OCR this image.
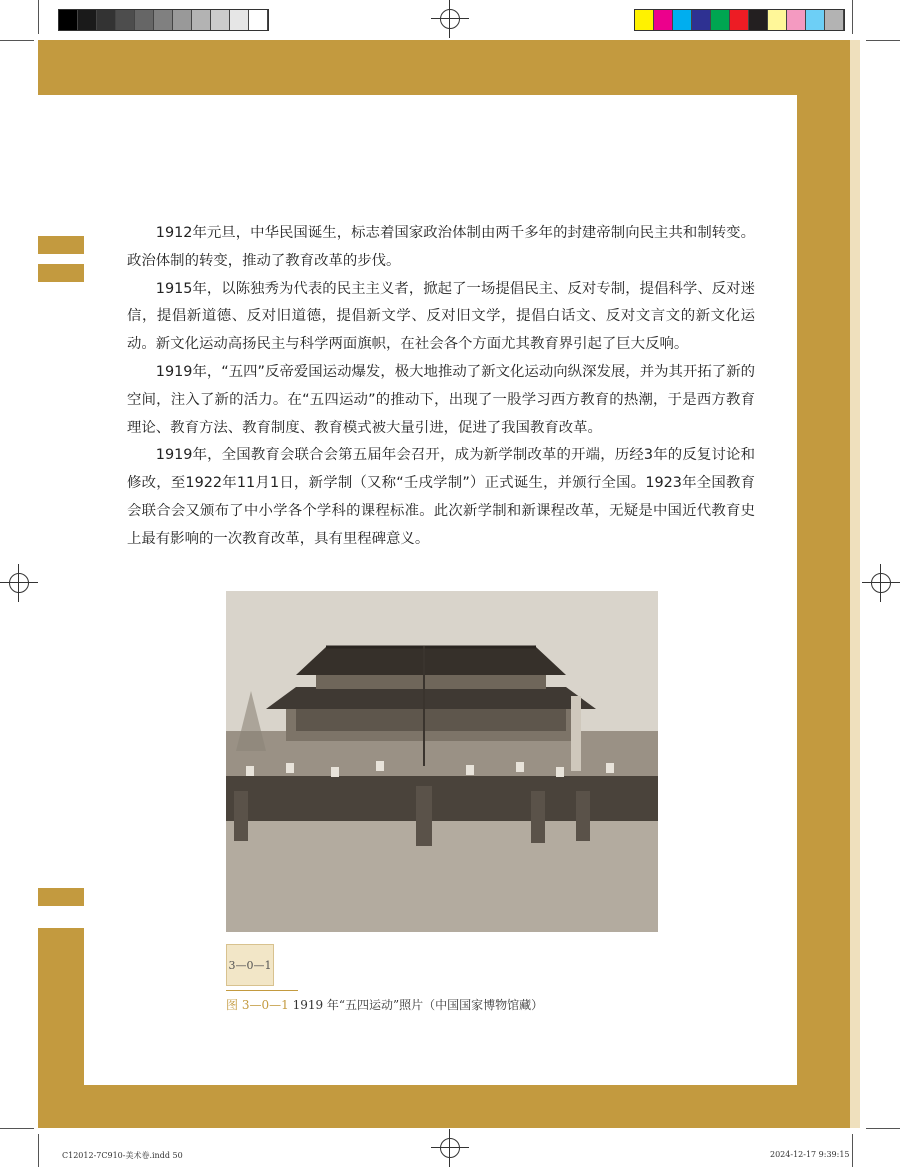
1912年元旦，中华民国诞生，标志着国家政治体制由两千多年的封建帝制向民主共和制转变。政治体制的转变，推动了教育改革的步伐。

1915年，以陈独秀为代表的民主主义者，掀起了一场提倡民主、反对专制，提倡科学、反对迷信，提倡新道德、反对旧道德，提倡新文学、反对旧文学，提倡白话文、反对文言文的新文化运动。新文化运动高扬民主与科学两面旗帜，在社会各个方面尤其教育界引起了巨大反响。

1919年，“五四”反帝爱国运动爆发，极大地推动了新文化运动向纵深发展，并为其开拓了新的空间，注入了新的活力。在“五四运动”的推动下，出现了一股学习西方教育的热潮，于是西方教育理论、教育方法、教育制度、教育模式被大量引进，促进了我国教育改革。

1919年，全国教育会联合会第五届年会召开，成为新学制改革的开端，历经3年的反复讨论和修改，至1922年11月1日，新学制（又称“壬戌学制”）正式诞生，并颁行全国。1923年全国教育会联合会又颁布了中小学各个学科的课程标准。此次新学制和新课程改革，无疑是中国近代教育史上最有影响的一次教育改革，具有里程碑意义。

3—0—1
图 3—0—1 1919 年“五四运动”照片（中国国家博物馆藏）
C12012-7C910-美术卷.indd 50	2024-12-17 9:39:15
